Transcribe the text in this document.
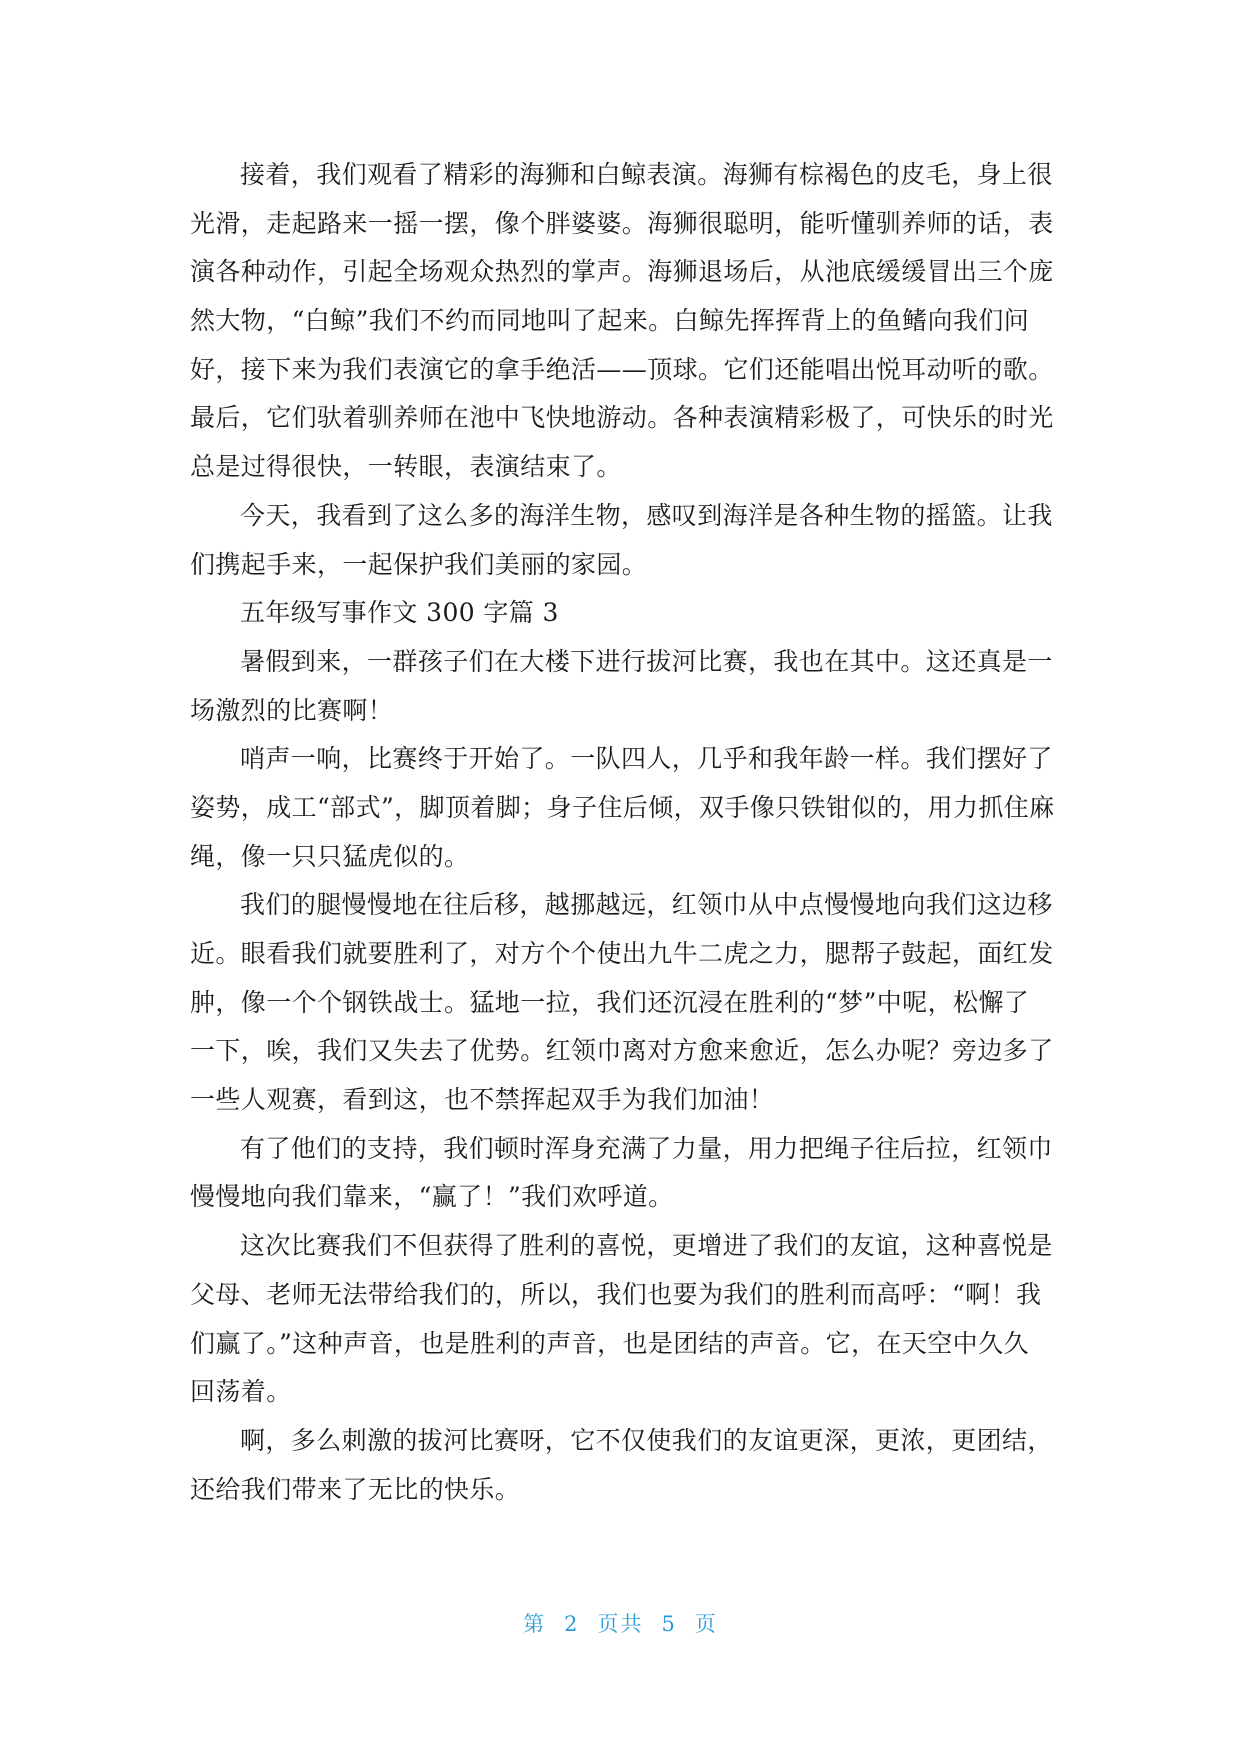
接着，我们观看了精彩的海狮和白鲸表演。海狮有棕褐色的皮毛，身上很
光滑，走起路来一摇一摆，像个胖婆婆。海狮很聪明，能听懂驯养师的话，表
演各种动作，引起全场观众热烈的掌声。海狮退场后，从池底缓缓冒出三个庞
然大物，“白鲸”我们不约而同地叫了起来。白鲸先挥挥背上的鱼鳍向我们问
好，接下来为我们表演它的拿手绝活——顶球。它们还能唱出悦耳动听的歌。
最后，它们驮着驯养师在池中飞快地游动。各种表演精彩极了，可快乐的时光
总是过得很快，一转眼，表演结束了。
今天，我看到了这么多的海洋生物，感叹到海洋是各种生物的摇篮。让我
们携起手来，一起保护我们美丽的家园。
五年级写事作文 300 字篇 3
暑假到来，一群孩子们在大楼下进行拔河比赛，我也在其中。这还真是一
场激烈的比赛啊！
哨声一响，比赛终于开始了。一队四人，几乎和我年龄一样。我们摆好了
姿势，成工“部式”，脚顶着脚；身子住后倾，双手像只铁钳似的，用力抓住麻
绳，像一只只猛虎似的。
我们的腿慢慢地在往后移，越挪越远，红领巾从中点慢慢地向我们这边移
近。眼看我们就要胜利了，对方个个使出九牛二虎之力，腮帮子鼓起，面红发
肿，像一个个钢铁战士。猛地一拉，我们还沉浸在胜利的“梦”中呢，松懈了
一下，唉，我们又失去了优势。红领巾离对方愈来愈近，怎么办呢？旁边多了
一些人观赛，看到这，也不禁挥起双手为我们加油！
有了他们的支持，我们顿时浑身充满了力量，用力把绳子往后拉，红领巾
慢慢地向我们靠来，“赢了！”我们欢呼道。
这次比赛我们不但获得了胜利的喜悦，更增进了我们的友谊，这种喜悦是
父母、老师无法带给我们的，所以，我们也要为我们的胜利而高呼：“啊！我
们赢了。”这种声音，也是胜利的声音，也是团结的声音。它，在天空中久久
回荡着。
啊，多么刺激的拔河比赛呀，它不仅使我们的友谊更深，更浓，更团结，
还给我们带来了无比的快乐。
第 2 页共 5 页
